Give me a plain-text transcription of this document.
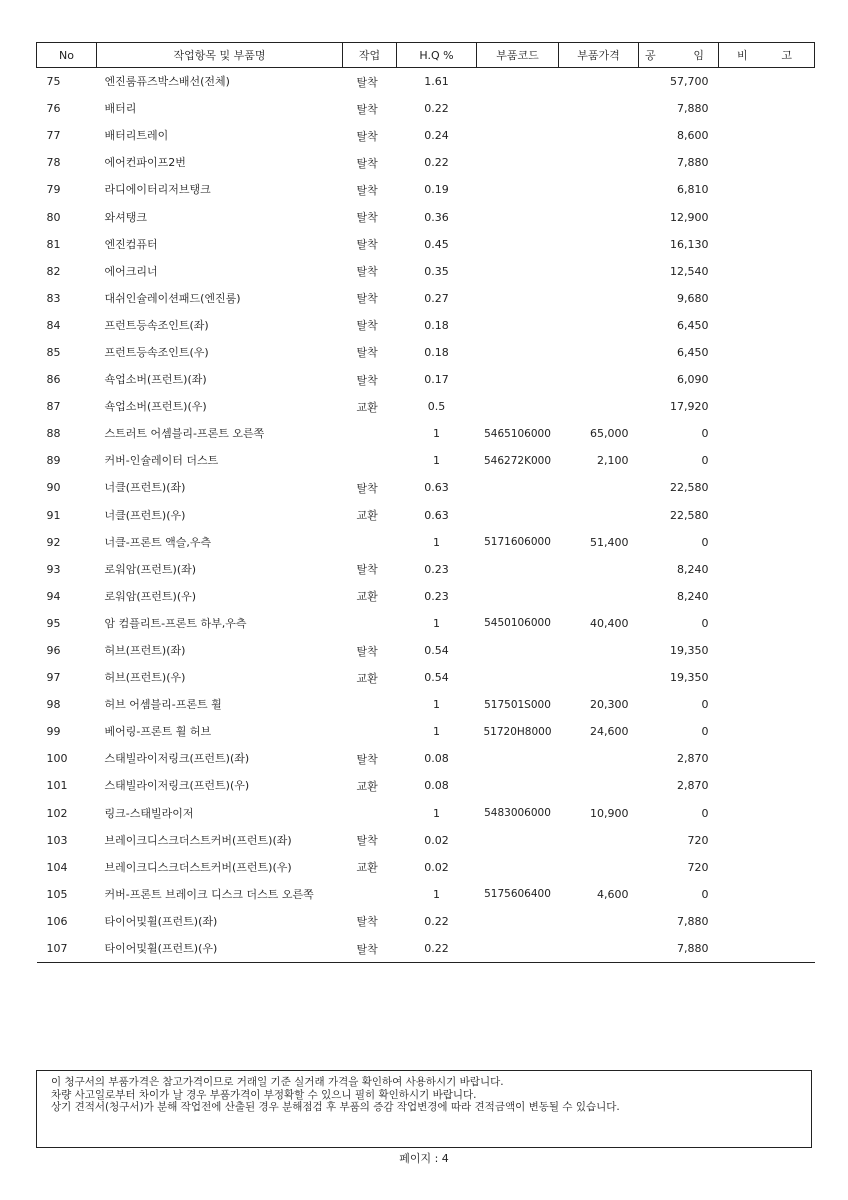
No	작업항목 및 부품명	작업	H.Q %	부품코드	부품가격	공 임	비 고

75	엔진룸퓨즈박스배선(전체)	탈착	1.61			57,700	
76	배터리	탈착	0.22			7,880	
77	배터리트레이	탈착	0.24			8,600	
78	에어컨파이프2번	탈착	0.22			7,880	
79	라디에이터리저브탱크	탈착	0.19			6,810	
80	와셔탱크	탈착	0.36			12,900	
81	엔진컴퓨터	탈착	0.45			16,130	
82	에어크리너	탈착	0.35			12,540	
83	대쉬인슐레이션패드(엔진룸)	탈착	0.27			9,680	
84	프런트등속조인트(좌)	탈착	0.18			6,450	
85	프런트등속조인트(우)	탈착	0.18			6,450	
86	쇽업소버(프런트)(좌)	탈착	0.17			6,090	
87	쇽업소버(프런트)(우)	교환	0.5			17,920	
88	스트러트 어셈블리-프론트 오른쪽		1	5465106000	65,000	0	
89	커버-인슐레이터 더스트		1	546272K000	2,100	0	
90	너클(프런트)(좌)	탈착	0.63			22,580	
91	너클(프런트)(우)	교환	0.63			22,580	
92	너클-프론트 액슬,우측		1	5171606000	51,400	0	
93	로워암(프런트)(좌)	탈착	0.23			8,240	
94	로워암(프런트)(우)	교환	0.23			8,240	
95	암 컴플리트-프론트 하부,우측		1	5450106000	40,400	0	
96	허브(프런트)(좌)	탈착	0.54			19,350	
97	허브(프런트)(우)	교환	0.54			19,350	
98	허브 어셈블리-프론트 휠		1	517501S000	20,300	0	
99	베어링-프론트 휠 허브		1	51720H8000	24,600	0	
100	스태빌라이저링크(프런트)(좌)	탈착	0.08			2,870	
101	스태빌라이저링크(프런트)(우)	교환	0.08			2,870	
102	링크-스태빌라이저		1	5483006000	10,900	0	
103	브레이크디스크더스트커버(프런트)(좌)	탈착	0.02			720	
104	브레이크디스크더스트커버(프런트)(우)	교환	0.02			720	
105	커버-프론트 브레이크 디스크 더스트 오른쪽		1	5175606400	4,600	0	
106	타이어및휠(프런트)(좌)	탈착	0.22			7,880	
107	타이어및휠(프런트)(우)	탈착	0.22			7,880	

이 청구서의 부품가격은 참고가격이므로 거래일 기준 실거래 가격을 확인하여 사용하시기 바랍니다.

차량 사고일로부터 차이가 날 경우 부품가격이 부정확할 수 있으니 필히 확인하시기 바랍니다.

상기 견적서(청구서)가 분해 작업전에 산출된 경우 분해점검 후 부품의 증감 작업변경에 따라 견적금액이 변동될 수 있습니다.

페이지 : 4
